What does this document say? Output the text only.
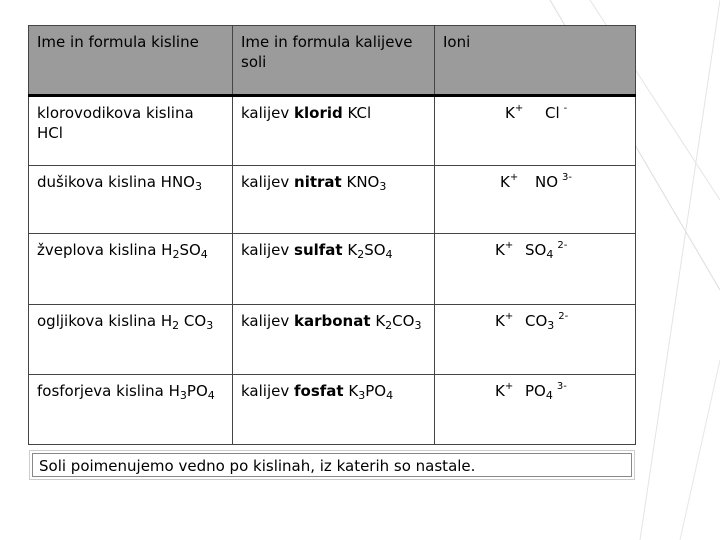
Ime in formula kisline	Ime in formula kalijeve soli	Ioni
klorovodikova kislina HCl	kalijev klorid KCl	K+ Cl -

dušikova kislina $HNO_3$	kalijev nitrat $KNO_3$	K+ NO $^{3-}$

žveplova kislina $H_2SO_4$	kalijev sulfat $K_2SO_4$	K+ $SO_4^{2-}$

ogljikova kislina $H_2$ $CO_3$	kalijev karbonat $K_2CO_3$	K+ $CO_3^{2-}$

fosforjeva kislina $H_3PO_4$	kalijev fosfat $K_3PO_4$	K+ $PO_4^{3-}$
Soli poimenujemo vedno po kislinah, iz katerih so nastale.
